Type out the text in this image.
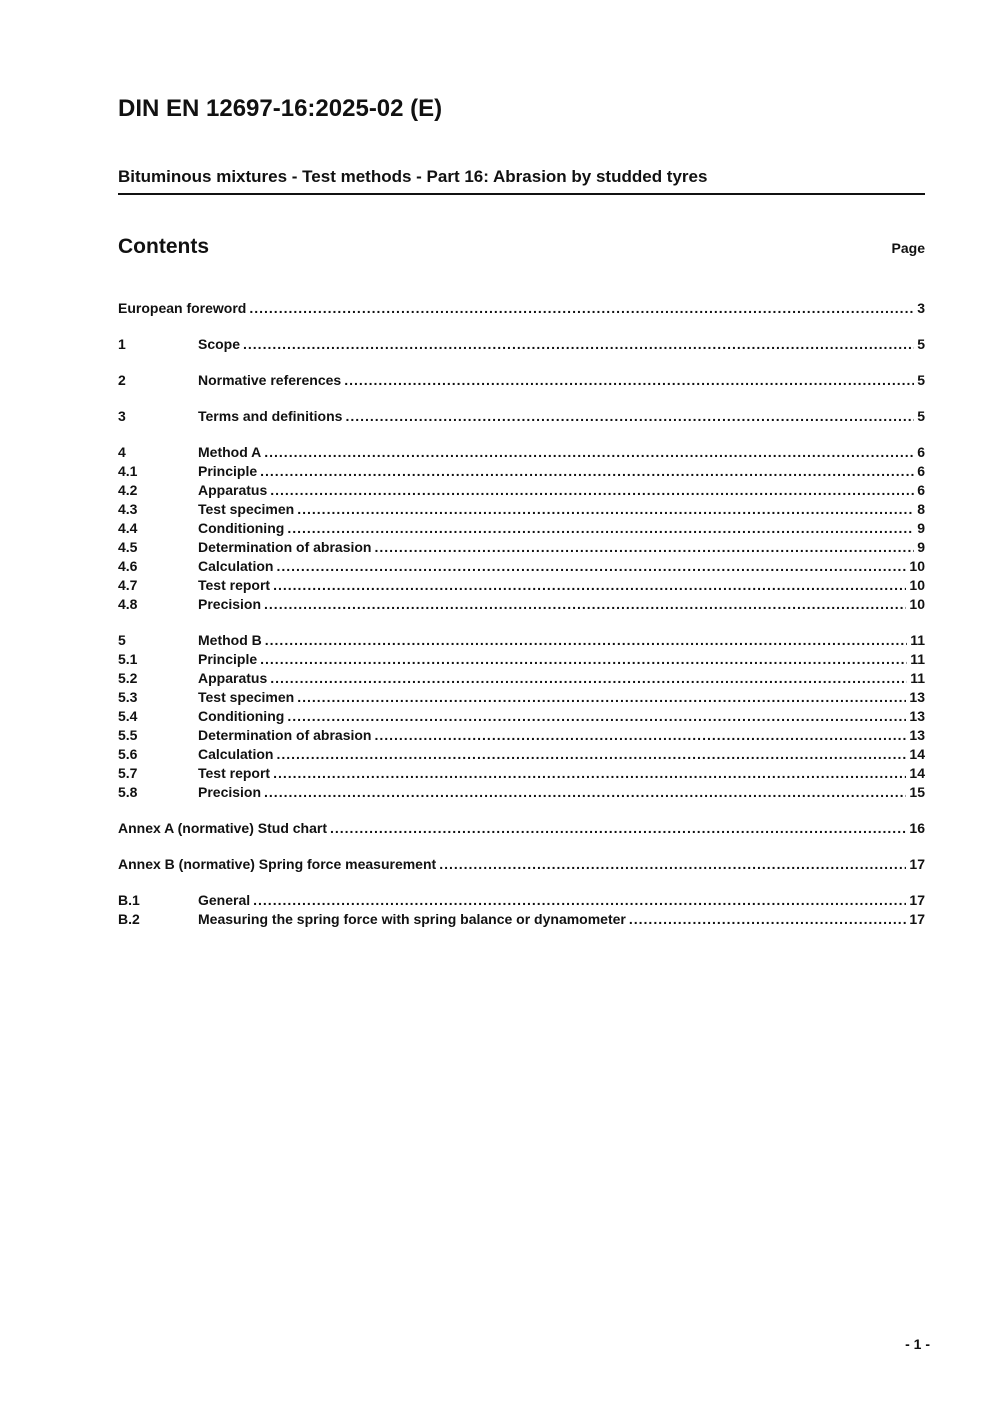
DIN EN 12697-16:2025-02 (E)
Bituminous mixtures - Test methods - Part 16: Abrasion by studded tyres
Contents	Page
European foreword .....	3
1	Scope .....	5
2	Normative references .....	5
3	Terms and definitions .....	5
4	Method A .....	6
4.1	Principle .....	6
4.2	Apparatus .....	6
4.3	Test specimen .....	8
4.4	Conditioning .....	9
4.5	Determination of abrasion .....	9
4.6	Calculation .....	10
4.7	Test report .....	10
4.8	Precision .....	10
5	Method B .....	11
5.1	Principle .....	11
5.2	Apparatus .....	11
5.3	Test specimen .....	13
5.4	Conditioning .....	13
5.5	Determination of abrasion .....	13
5.6	Calculation .....	14
5.7	Test report .....	14
5.8	Precision .....	15
Annex A (normative) Stud chart .....	16
Annex B (normative) Spring force measurement .....	17
B.1	General .....	17
B.2	Measuring the spring force with spring balance or dynamometer .....	17
- 1 -
